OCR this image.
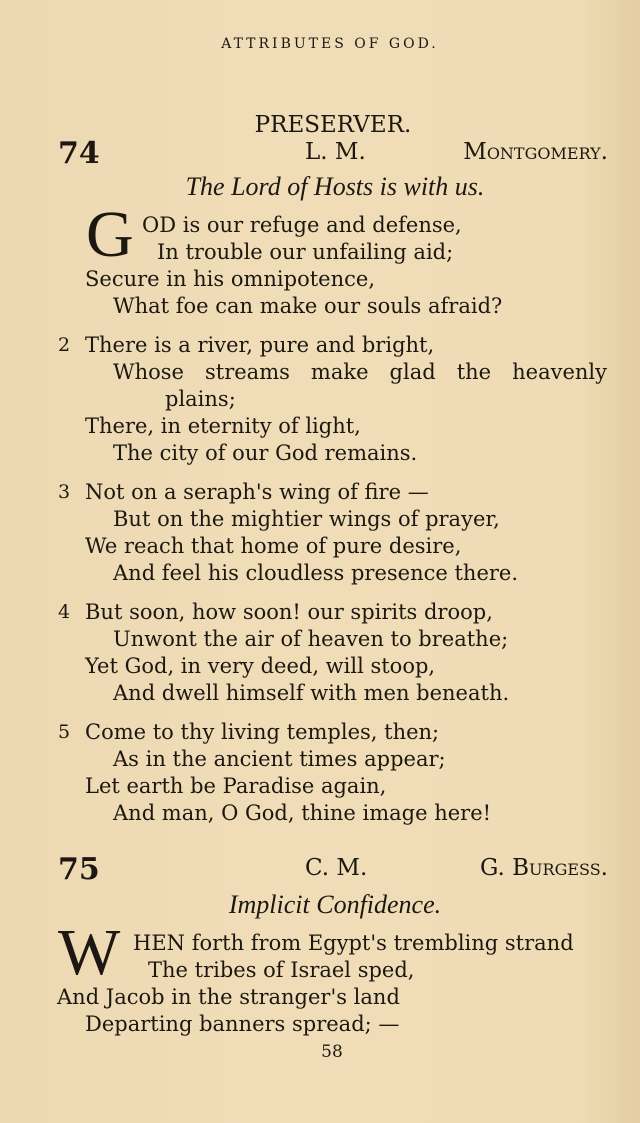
ATTRIBUTES OF GOD.
PRESERVER.
74	L. M.	Montgomery.
The Lord of Hosts is with us.
75	C. M.	G. Burgess.
Implicit Confidence.
G OD is our refuge and defense,
In trouble our unfailing aid;
Secure in his omnipotence,
What foe can make our souls afraid?
2 There is a river, pure and bright,
Whose streams make glad the heavenly
plains;
There, in eternity of light,
The city of our God remains.
3 Not on a seraph's wing of fire —
But on the mightier wings of prayer,
We reach that home of pure desire,
And feel his cloudless presence there.
4 But soon, how soon! our spirits droop,
Unwont the air of heaven to breathe;
Yet God, in very deed, will stoop,
And dwell himself with men beneath.
5 Come to thy living temples, then;
As in the ancient times appear;
Let earth be Paradise again,
And man, O God, thine image here!
W HEN forth from Egypt's trembling strand
The tribes of Israel sped,
And Jacob in the stranger's land
Departing banners spread; —
58
